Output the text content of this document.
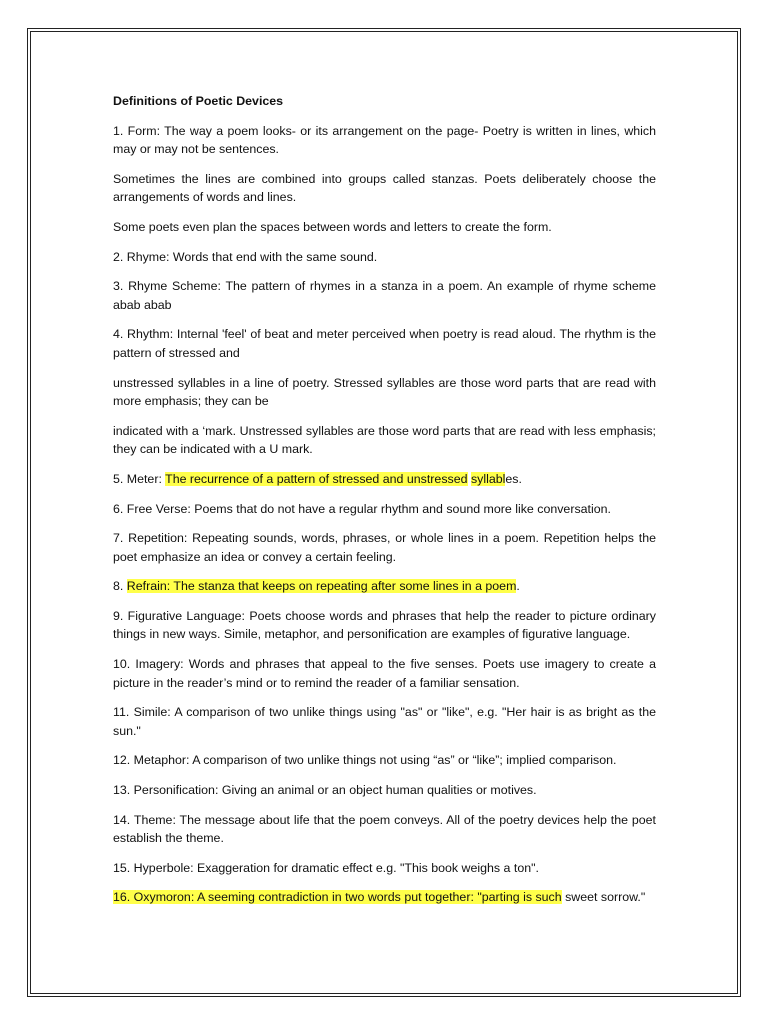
Definitions of Poetic Devices

1. Form: The way a poem looks- or its arrangement on the page- Poetry is written in lines, which may or may not be sentences.

Sometimes the lines are combined into groups called stanzas. Poets deliberately choose the arrangements of words and lines.

Some poets even plan the spaces between words and letters to create the form.

2. Rhyme: Words that end with the same sound.

3. Rhyme Scheme: The pattern of rhymes in a stanza in a poem. An example of rhyme scheme abab abab

4. Rhythm: Internal 'feel' of beat and meter perceived when poetry is read aloud. The rhythm is the pattern of stressed and

unstressed syllables in a line of poetry. Stressed syllables are those word parts that are read with more emphasis; they can be

indicated with a ‘mark. Unstressed syllables are those word parts that are read with less emphasis; they can be indicated with a U mark.

5. Meter: The recurrence of a pattern of stressed and unstressed syllables.

6. Free Verse: Poems that do not have a regular rhythm and sound more like conversation.

7. Repetition: Repeating sounds, words, phrases, or whole lines in a poem. Repetition helps the poet emphasize an idea or convey a certain feeling.

8. Refrain: The stanza that keeps on repeating after some lines in a poem.

9. Figurative Language: Poets choose words and phrases that help the reader to picture ordinary things in new ways. Simile, metaphor, and personification are examples of figurative language.

10. Imagery: Words and phrases that appeal to the five senses. Poets use imagery to create a picture in the reader’s mind or to remind the reader of a familiar sensation.

11. Simile: A comparison of two unlike things using "as" or "like", e.g. "Her hair is as bright as the sun."

12. Metaphor: A comparison of two unlike things not using “as” or “like”; implied comparison.

13. Personification: Giving an animal or an object human qualities or motives.

14. Theme: The message about life that the poem conveys. All of the poetry devices help the poet establish the theme.

15. Hyperbole: Exaggeration for dramatic effect e.g. "This book weighs a ton".

16. Oxymoron: A seeming contradiction in two words put together: "parting is such sweet sorrow."
